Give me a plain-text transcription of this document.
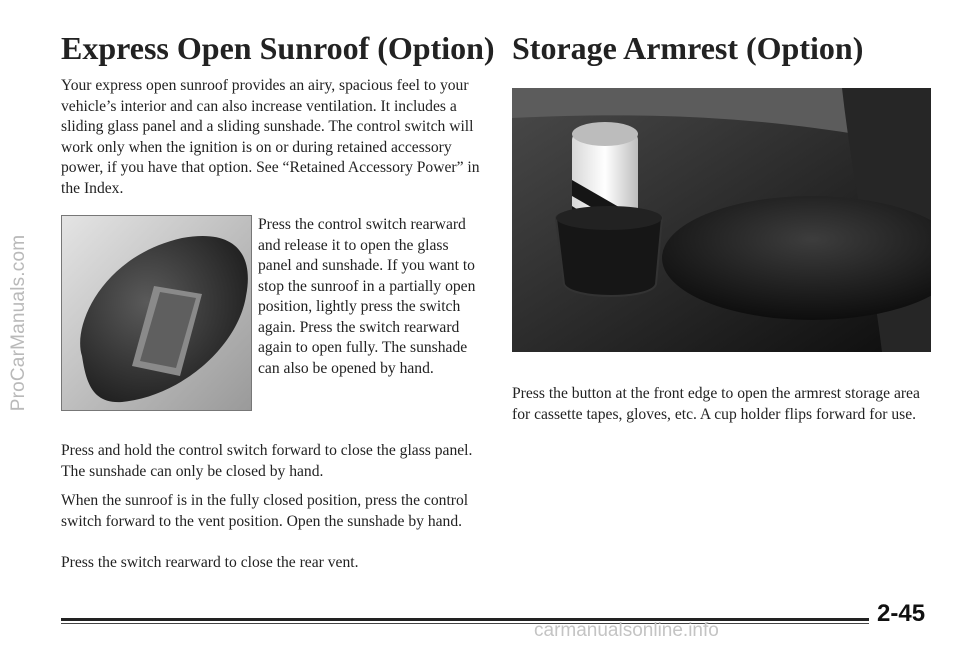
ProCarManuals.com
Express Open Sunroof (Option) Storage Armrest (Option)

Your express open sunroof provides an airy, spacious feel to your vehicle’s interior and can also increase ventilation. It includes a sliding glass panel and a sliding sunshade. The control switch will work only when the ignition is on or during retained accessory power, if you have that option. See “Retained Accessory Power” in the Index.

Press the control switch rearward and release it to open the glass panel and sunshade. If you want to stop the sunroof in a partially open position, lightly press the switch again. Press the switch rearward again to open fully. The sunshade can also be opened by hand.

Press and hold the control switch forward to close the glass panel. The sunshade can only be closed by hand.

When the sunroof is in the fully closed position, press the control switch forward to the vent position. Open the sunshade by hand.

Press the switch rearward to close the rear vent.

Press the button at the front edge to open the armrest storage area for cassette tapes, gloves, etc. A cup holder flips forward for use.

2-45
carmanualsonline.info
